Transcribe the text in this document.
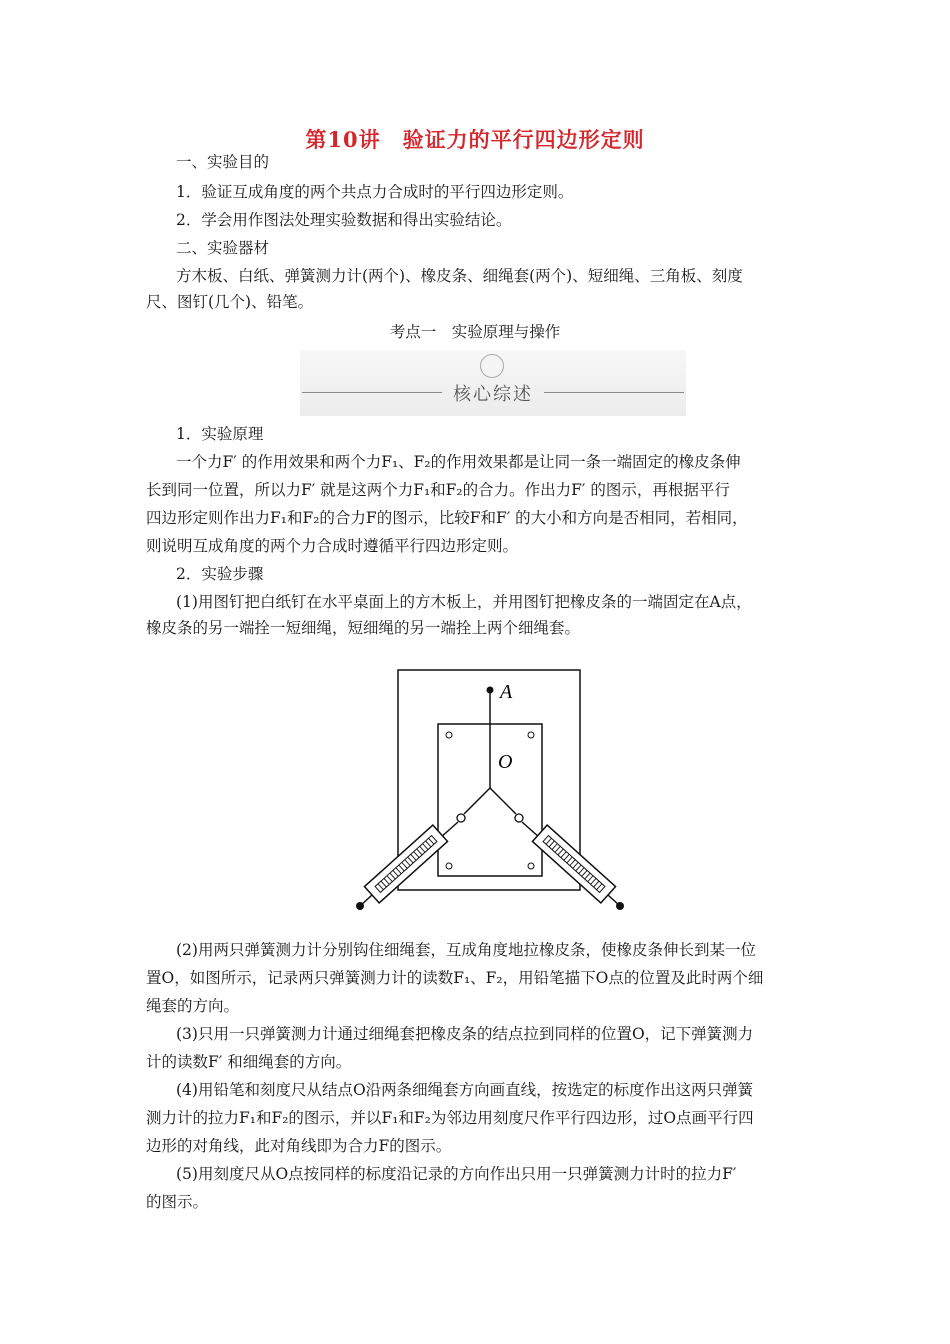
第10讲　验证力的平行四边形定则
一、实验目的
1．验证互成角度的两个共点力合成时的平行四边形定则。
2．学会用作图法处理实验数据和得出实验结论。
二、实验器材
方木板、白纸、弹簧测力计(两个)、橡皮条、细绳套(两个)、短细绳、三角板、刻度
尺、图钉(几个)、铅笔。
考点一　实验原理与操作
核心综述
1．实验原理
一个力F′ 的作用效果和两个力F₁、F₂的作用效果都是让同一条一端固定的橡皮条伸
长到同一位置，所以力F′ 就是这两个力F₁和F₂的合力。作出力F′ 的图示，再根据平行
四边形定则作出力F₁和F₂的合力F的图示，比较F和F′ 的大小和方向是否相同，若相同，
则说明互成角度的两个力合成时遵循平行四边形定则。
2．实验步骤
(1)用图钉把白纸钉在水平桌面上的方木板上，并用图钉把橡皮条的一端固定在A点，
橡皮条的另一端拴一短细绳，短细绳的另一端拴上两个细绳套。
A
O
(2)用两只弹簧测力计分别钩住细绳套，互成角度地拉橡皮条，使橡皮条伸长到某一位
置O，如图所示，记录两只弹簧测力计的读数F₁、F₂，用铅笔描下O点的位置及此时两个细
绳套的方向。
(3)只用一只弹簧测力计通过细绳套把橡皮条的结点拉到同样的位置O，记下弹簧测力
计的读数F′ 和细绳套的方向。
(4)用铅笔和刻度尺从结点O沿两条细绳套方向画直线，按选定的标度作出这两只弹簧
测力计的拉力F₁和F₂的图示，并以F₁和F₂为邻边用刻度尺作平行四边形，过O点画平行四
边形的对角线，此对角线即为合力F的图示。
(5)用刻度尺从O点按同样的标度沿记录的方向作出只用一只弹簧测力计时的拉力F′
的图示。
